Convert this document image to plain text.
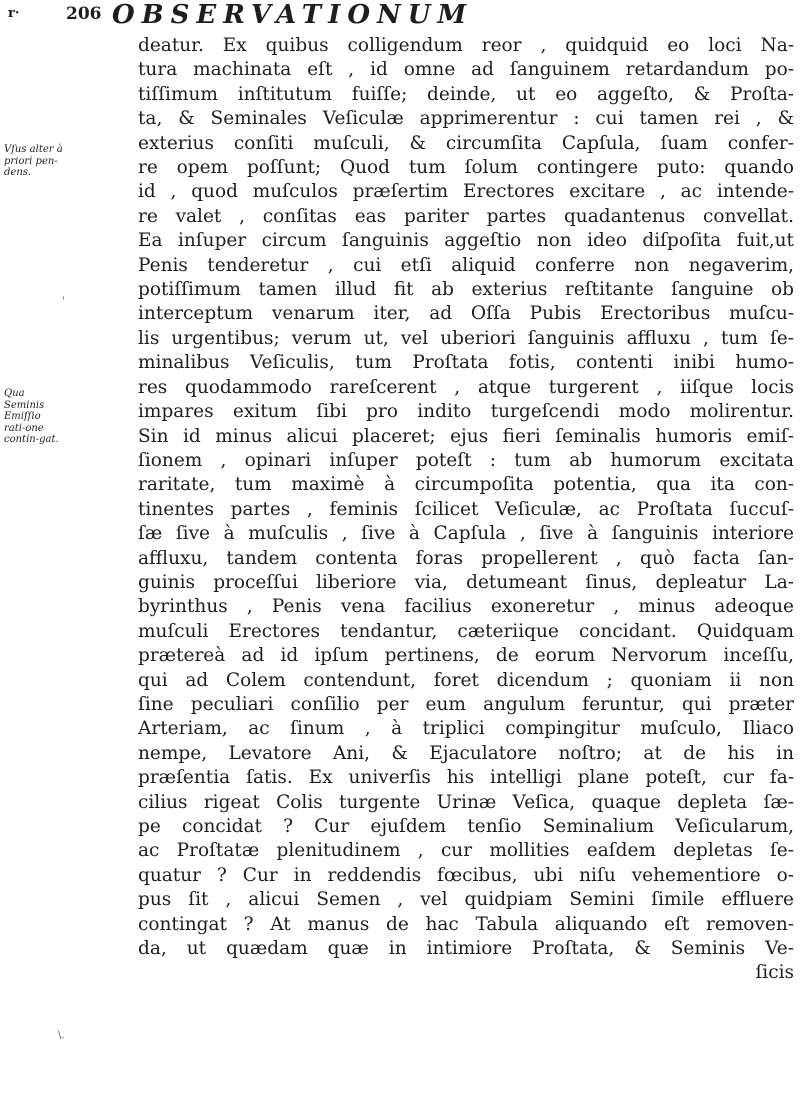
r·	206 OBSERVATIONUM
Vſus alter à priori pen-dens.
Qua Seminis Emiſſio rati-one contin-gat.
'
\.
deatur. Ex quibus colligendum reor , quidquid eo loci Na-
tura machinata eſt , id omne ad ſanguinem retardandum po-
tiſſimum inſtitutum fuiſſe; deinde, ut eo aggeſto, & Proſta-
ta, & Seminales Veſiculæ apprimerentur : cui tamen rei , &
exterius conſiti muſculi, & circumſita Capſula, ſuam confer-
re opem poſſunt; Quod tum ſolum contingere puto: quando
id , quod muſculos præſertim Erectores excitare , ac intende-
re valet , conſitas eas pariter partes quadantenus convellat.
Ea inſuper circum ſanguinis aggeſtio non ideo diſpoſita fuit,ut
Penis tenderetur , cui etſi aliquid conferre non negaverim,
potiſſimum tamen illud fit ab exterius reſtitante ſanguine ob
interceptum venarum iter, ad Oſſa Pubis Erectoribus muſcu-
lis urgentibus; verum ut, vel uberiori ſanguinis affluxu , tum ſe-
minalibus Veſiculis, tum Proſtata fotis, contenti inibi humo-
res quodammodo rareſcerent , atque turgerent , iiſque locis
impares exitum ſibi pro indito turgeſcendi modo molirentur.
Sin id minus alicui placeret; ejus fieri ſeminalis humoris emiſ-
ſionem , opinari inſuper poteſt : tum ab humorum excitata
raritate, tum maximè à circumpoſita potentia, qua ita con-
tinentes partes , feminis ſcilicet Veſiculæ, ac Proſtata ſuccuſ-
ſæ ſive à muſculis , ſive à Capſula , ſive à ſanguinis interiore
affluxu, tandem contenta foras propellerent , quò facta ſan-
guinis proceſſui liberiore via, detumeant ſinus, depleatur La-
byrinthus , Penis vena facilius exoneretur , minus adeoque
muſculi Erectores tendantur, cæteriique concidant. Quidquam
prætereà ad id ipſum pertinens, de eorum Nervorum inceſſu,
qui ad Colem contendunt, foret dicendum ; quoniam ii non
ſine peculiari conſilio per eum angulum feruntur, qui præter
Arteriam, ac ſinum , à triplici compingitur muſculo, Iliaco
nempe, Levatore Ani, & Ejaculatore noſtro; at de his in
præſentia ſatis. Ex univerſis his intelligi plane poteſt, cur fa-
cilius rigeat Colis turgente Urinæ Veſica, quaque depleta ſæ-
pe concidat ? Cur ejuſdem tenſio Seminalium Veſicularum,
ac Proſtatæ plenitudinem , cur mollities eaſdem depletas ſe-
quatur ? Cur in reddendis fœcibus, ubi niſu vehementiore o-
pus ſit , alicui Semen , vel quidpiam Semini ſimile effluere
contingat ? At manus de hac Tabula aliquando eſt removen-
da, ut quædam quæ in intimiore Proſtata, & Seminis Ve-
ſicis
